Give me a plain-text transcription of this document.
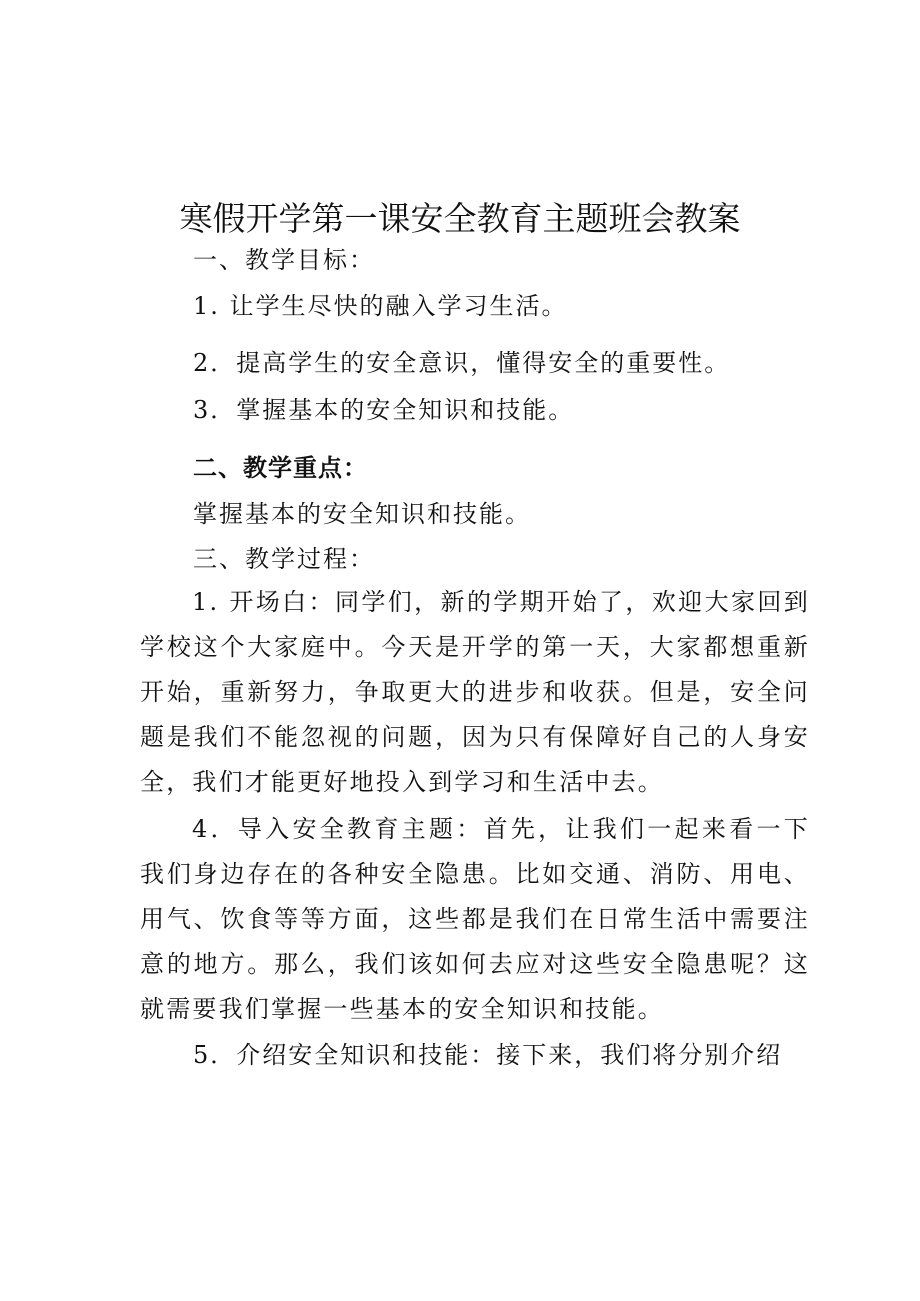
寒假开学第一课安全教育主题班会教案
一、教学目标：
1. 让学生尽快的融入学习生活。
2．提高学生的安全意识，懂得安全的重要性。
3．掌握基本的安全知识和技能。
二、教学重点：
掌握基本的安全知识和技能。
三、教学过程：
1. 开场白：同学们，新的学期开始了，欢迎大家回到学校这个大家庭中。今天是开学的第一天，大家都想重新开始，重新努力，争取更大的进步和收获。但是，安全问题是我们不能忽视的问题，因为只有保障好自己的人身安全，我们才能更好地投入到学习和生活中去。
4．导入安全教育主题：首先，让我们一起来看一下我们身边存在的各种安全隐患。比如交通、消防、用电、用气、饮食等等方面，这些都是我们在日常生活中需要注意的地方。那么，我们该如何去应对这些安全隐患呢？这就需要我们掌握一些基本的安全知识和技能。
5．介绍安全知识和技能：接下来，我们将分别介绍
